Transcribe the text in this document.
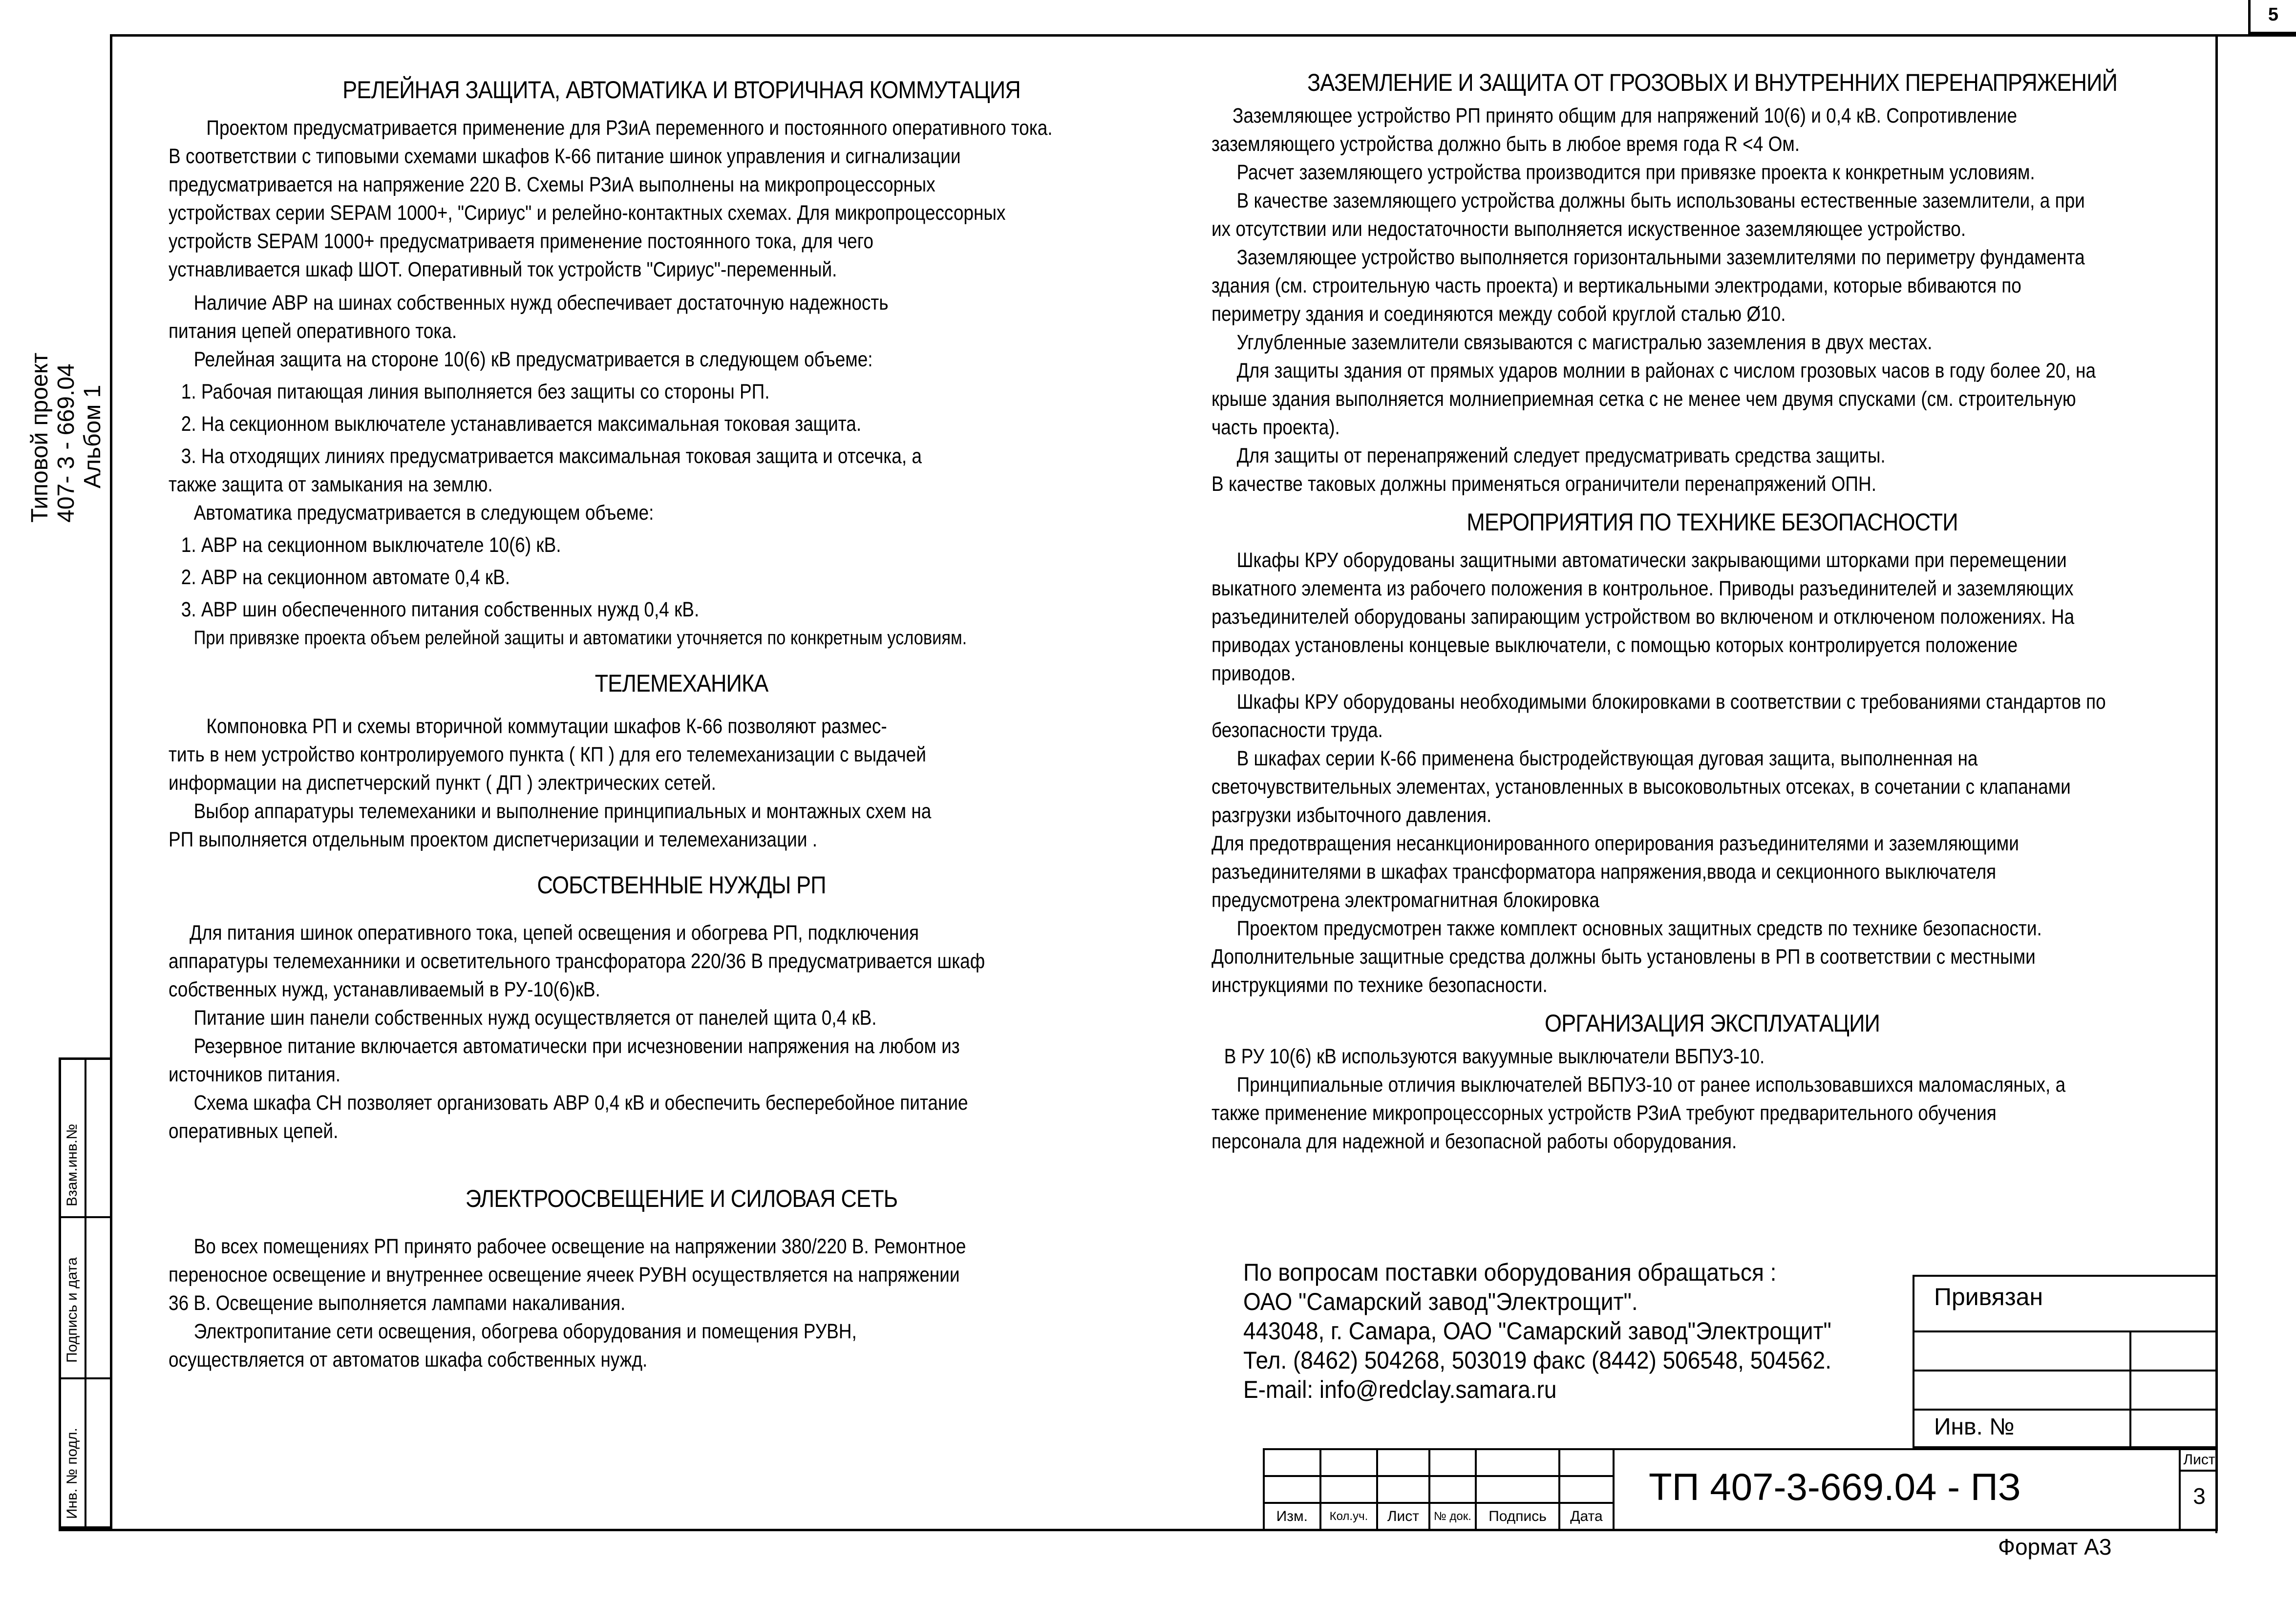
5
Типовой проект 407- 3 - 669.04 Альбом 1
Взам.инв.№
Подпись и дата
Инв. № подл.
РЕЛЕЙНАЯ ЗАЩИТА, АВТОМАТИКА И ВТОРИЧНАЯ КОММУТАЦИЯ
Проектом предусматривается применение для РЗиА переменного и постоянного оперативного тока.
В соответствии с типовыми схемами шкафов К-66 питание шинок управления и сигнализации
предусматривается на напряжение 220 В. Схемы РЗиА выполнены на микропроцессорных
устройствах серии SEPAM 1000+, "Сириус" и релейно-контактных схемах. Для микропроцессорных
устройств SEPAM 1000+ предусматриваетя применение постоянного тока, для чего
устнавливается шкаф ШОТ. Оперативный ток устройств "Сириус"-переменный.
Наличие АВР на шинах собственных нужд обеспечивает достаточную надежность
питания цепей оперативного тока.
Релейная защита на стороне 10(6) кВ предусматривается в следующем объеме:
1. Рабочая питающая линия выполняется без защиты со стороны РП.
2. На секционном выключателе устанавливается максимальная токовая защита.
3. На отходящих линиях предусматривается максимальная токовая защита и отсечка, а
также защита от замыкания на землю.
Автоматика предусматривается в следующем объеме:
1. АВР на секционном выключателе 10(6) кВ.
2. АВР на секционном автомате 0,4 кВ.
3. АВР шин обеспеченного питания собственных нужд 0,4 кВ.
При привязке проекта объем релейной защиты и автоматики уточняется по конкретным условиям.
ТЕЛЕМЕХАНИКА
Компоновка РП и схемы вторичной коммутации шкафов К-66 позволяют размес-
тить в нем устройство контролируемого пункта ( КП ) для его телемеханизации с выдачей
информации на диспетчерский пункт ( ДП ) электрических сетей.
Выбор аппаратуры телемеханики и выполнение принципиальных и монтажных схем на
РП выполняется отдельным проектом диспетчеризации и телемеханизации .
СОБСТВЕННЫЕ НУЖДЫ РП
Для питания шинок оперативного тока, цепей освещения и обогрева РП, подключения
аппаратуры телемеханники и осветительного трансфоратора 220/36 В предусматривается шкаф
собственных нужд, устанавливаемый в РУ-10(6)кВ.
Питание шин панели собственных нужд осуществляется от панелей щита 0,4 кВ.
Резервное питание включается автоматически при исчезновении напряжения на любом из
источников питания.
Схема шкафа СН позволяет организовать АВР 0,4 кВ и обеспечить бесперебойное питание
оперативных цепей.
ЭЛЕКТРООСВЕЩЕНИЕ И СИЛОВАЯ СЕТЬ
Во всех помещениях РП принято рабочее освещение на напряжении 380/220 В. Ремонтное
переносное освещение и внутреннее освещение ячеек РУВН осуществляется на напряжении
36 В. Освещение выполняется лампами накаливания.
Электропитание сети освещения, обогрева оборудования и помещения РУВН,
осуществляется от автоматов шкафа собственных нужд.
ЗАЗЕМЛЕНИЕ И ЗАЩИТА ОТ ГРОЗОВЫХ И ВНУТРЕННИХ ПЕРЕНАПРЯЖЕНИЙ
Заземляющее устройство РП принято общим для напряжений 10(6) и 0,4 кВ. Сопротивление
заземляющего устройства должно быть в любое время года R <4 Ом.
Расчет заземляющего устройства производится при привязке проекта к конкретным условиям.
В качестве заземляющего устройства должны быть использованы естественные заземлители, а при
их отсутствии или недостаточности выполняется искуственное заземляющее устройство.
Заземляющее устройство выполняется горизонтальными заземлителями по периметру фундамента
здания (см. строительную часть проекта) и вертикальными электродами, которые вбиваются по
периметру здания и соединяются между собой круглой сталью Ø10.
Углубленные заземлители связываются с магистралью заземления в двух местах.
Для защиты здания от прямых ударов молнии в районах с числом грозовых часов в году более 20, на
крыше здания выполняется молниеприемная сетка с не менее чем двумя спусками (см. строительную
часть проекта).
Для защиты от перенапряжений следует предусматривать средства защиты.
В качестве таковых должны применяться ограничители перенапряжений ОПН.
МЕРОПРИЯТИЯ ПО ТЕХНИКЕ БЕЗОПАСНОСТИ
Шкафы КРУ оборудованы защитными автоматически закрывающими шторками при перемещении
выкатного элемента из рабочего положения в контрольное. Приводы разъединителей и заземляющих
разъединителей оборудованы запирающим устройством во включеном и отключеном положениях. На
приводах установлены концевые выключатели, с помощью которых контролируется положение
приводов.
Шкафы КРУ оборудованы необходимыми блокировками в соответствии с требованиями стандартов по
безопасности труда.
В шкафах серии К-66 применена быстродействующая дуговая защита, выполненная на
светочувствительных элементах, установленных в высоковольтных отсеках, в сочетании с клапанами
разгрузки избыточного давления.
Для предотвращения несанкционированного оперирования разъединителями и заземляющими
разъединителями в шкафах трансформатора напряжения,ввода и секционного выключателя
предусмотрена электромагнитная блокировка
Проектом предусмотрен также комплект основных защитных средств по технике безопасности.
Дополнительные защитные средства должны быть установлены в РП в соответствии с местными
инструкциями по технике безопасности.
ОРГАНИЗАЦИЯ ЭКСПЛУАТАЦИИ
В РУ 10(6) кВ используются вакуумные выключатели ВБПУЗ-10.
Принципиальные отличия выключателей ВБПУЗ-10 от ранее использовавшихся маломасляных, а
также применение микропроцессорных устройств РЗиА требуют предварительного обучения
персонала для надежной и безопасной работы оборудования.
По вопросам поставки оборудования обращаться :
ОАО "Самарский завод"Электрощит".
443048, г. Самара, ОАО "Самарский завод"Электрощит"
Тел. (8462) 504268, 503019 факс (8442) 506548, 504562.
E-mail: info@redclay.samara.ru
Привязан
Инв. №

Изм.	Кол.уч.	Лист	№ док.	Подпись	Дата
ТП 407-3-669.04 - ПЗ
Лист
3
Формат А3
